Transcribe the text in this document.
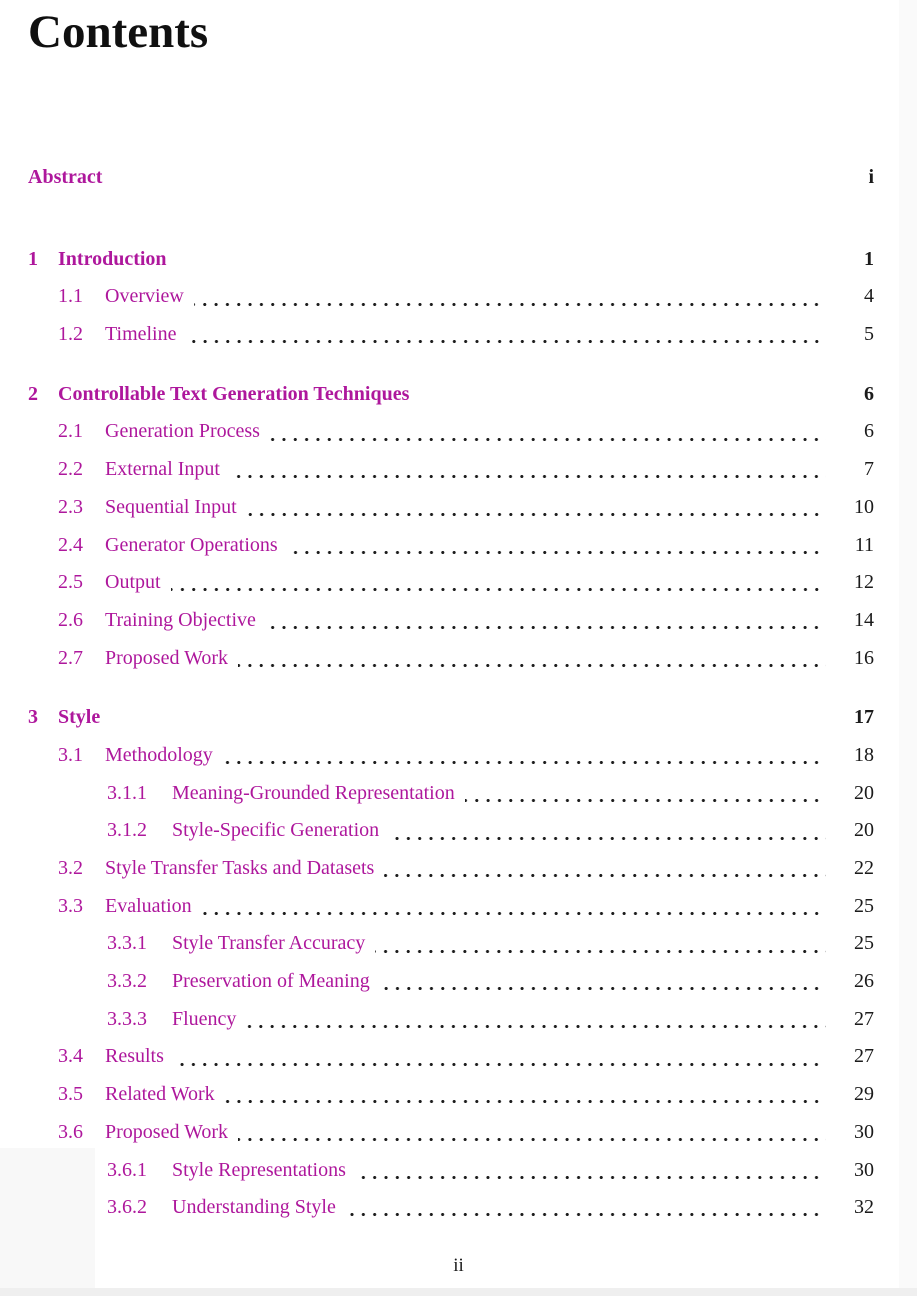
Contents
Abstract	i
1	Introduction	1
1.1	Overview	4
1.2	Timeline	5
2	Controllable Text Generation Techniques	6
2.1	Generation Process	6
2.2	External Input	7
2.3	Sequential Input	10
2.4	Generator Operations	11
2.5	Output	12
2.6	Training Objective	14
2.7	Proposed Work	16
3	Style	17
3.1	Methodology	18
3.1.1	Meaning-Grounded Representation	20
3.1.2	Style-Specific Generation	20
3.2	Style Transfer Tasks and Datasets	22
3.3	Evaluation	25
3.3.1	Style Transfer Accuracy	25
3.3.2	Preservation of Meaning	26
3.3.3	Fluency	27
3.4	Results	27
3.5	Related Work	29
3.6	Proposed Work	30
3.6.1	Style Representations	30
3.6.2	Understanding Style	32
ii
